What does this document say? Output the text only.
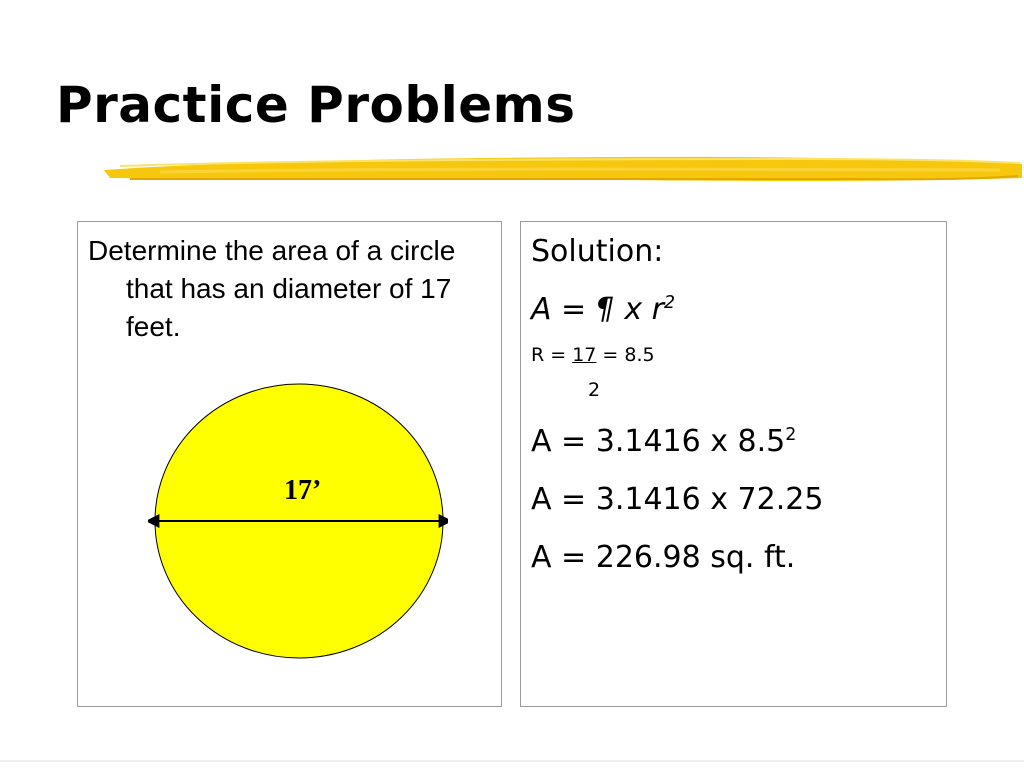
Practice Problems
Determine the area of a circle that has an diameter of 17 feet.
17’
Solution:
A = ¶ x $r^2$
R = 17 = 8.5
2
A = 3.1416 x $8.5^2$
A = 3.1416 x 72.25
A = 226.98 sq. ft.
